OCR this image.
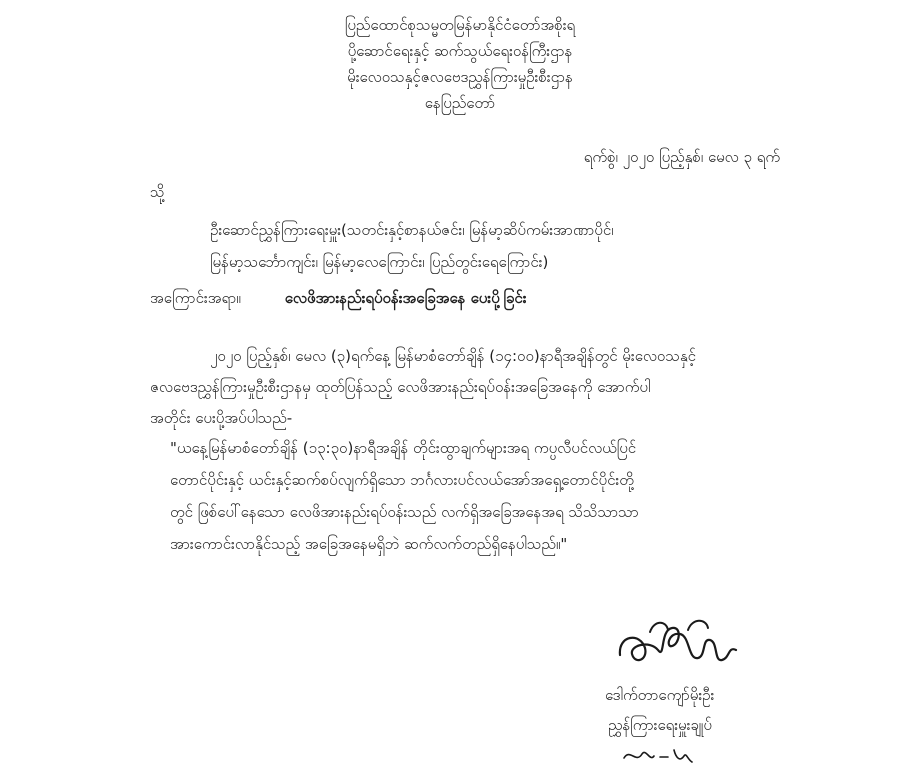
ပြည်ထောင်စုသမ္မတမြန်မာနိုင်ငံတော်အစိုးရ
ပို့ဆောင်ရေးနှင့် ဆက်သွယ်ရေးဝန်ကြီးဌာန
မိုးလေဝသနှင့်ဇလဗေဒညွှန်ကြားမှုဦးစီးဌာန
နေပြည်တော်
ရက်စွဲ၊ ၂၀၂၀ ပြည့်နှစ်၊ မေလ ၃ ရက်
သို့
ဦးဆောင်ညွှန်ကြားရေးမှူး(သတင်းနှင့်စာနယ်ဇင်း၊ မြန်မာ့ဆိပ်ကမ်းအာဏာပိုင်၊
မြန်မာ့သင်္ဘောကျင်း၊ မြန်မာ့လေကြောင်း၊ ပြည်တွင်းရေကြောင်း)
အကြောင်းအရာ။	လေဖိအားနည်းရပ်ဝန်းအခြေအနေ ပေးပို့ခြင်း
၂၀၂၀ ပြည့်နှစ်၊ မေလ (၃)ရက်နေ့ မြန်မာစံတော်ချိန် (၁၄:၀၀)နာရီအချိန်တွင် မိုးလေဝသနှင့်
ဇလဗေဒညွှန်ကြားမှုဦးစီးဌာနမှ ထုတ်ပြန်သည့် လေဖိအားနည်းရပ်ဝန်းအခြေအနေကို အောက်ပါ
အတိုင်း ပေးပို့အပ်ပါသည်-
"ယနေ့မြန်မာစံတော်ချိန် (၁၃:၃၀)နာရီအချိန် တိုင်းထွာချက်များအရ ကပ္ပလီပင်လယ်ပြင်
တောင်ပိုင်းနှင့် ယင်းနှင့်ဆက်စပ်လျက်ရှိသော ဘင်္ဂလားပင်လယ်အော်အရှေ့တောင်ပိုင်းတို့
တွင် ဖြစ်ပေါ်နေသော လေဖိအားနည်းရပ်ဝန်းသည် လက်ရှိအခြေအနေအရ သိသိသာသာ
အားကောင်းလာနိုင်သည့် အခြေအနေမရှိဘဲ ဆက်လက်တည်ရှိနေပါသည်။"
ဒေါက်တာကျော်မိုးဦး
ညွှန်ကြားရေးမှူးချုပ်
